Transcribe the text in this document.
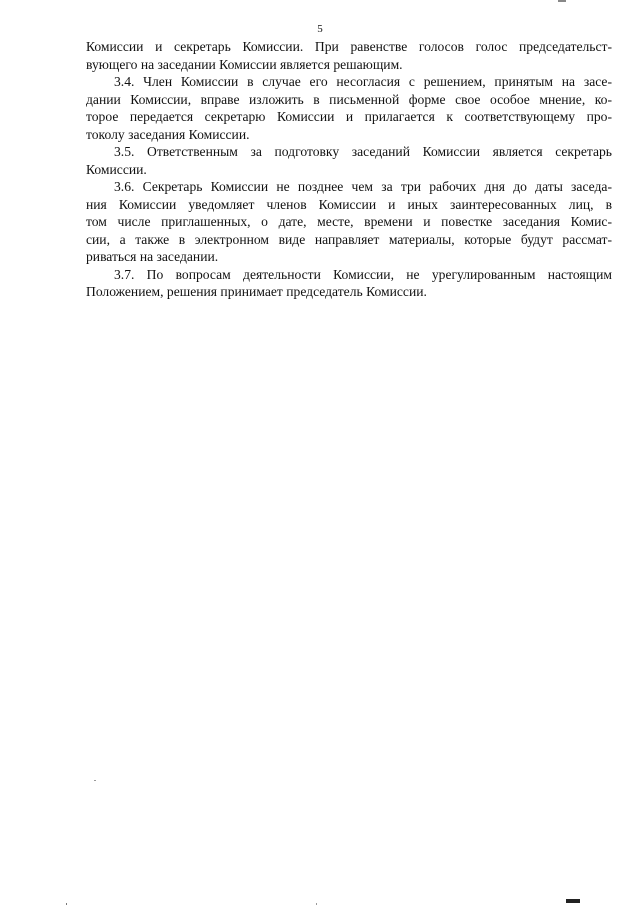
5

Комиссии и секретарь Комиссии. При равенстве голосов голос председательст-
вующего на заседании Комиссии является решающим.

3.4. Член Комиссии в случае его несогласия с решением, принятым на засе-
дании Комиссии, вправе изложить в письменной форме свое особое мнение, ко-
торое передается секретарю Комиссии и прилагается к соответствующему про-
токолу заседания Комиссии.

3.5. Ответственным за подготовку заседаний Комиссии является секретарь
Комиссии.

3.6. Секретарь Комиссии не позднее чем за три рабочих дня до даты заседа-
ния Комиссии уведомляет членов Комиссии и иных заинтересованных лиц, в
том числе приглашенных, о дате, месте, времени и повестке заседания Комис-
сии, а также в электронном виде направляет материалы, которые будут рассмат-
риваться на заседании.

3.7. По вопросам деятельности Комиссии, не урегулированным настоящим
Положением, решения принимает председатель Комиссии.
